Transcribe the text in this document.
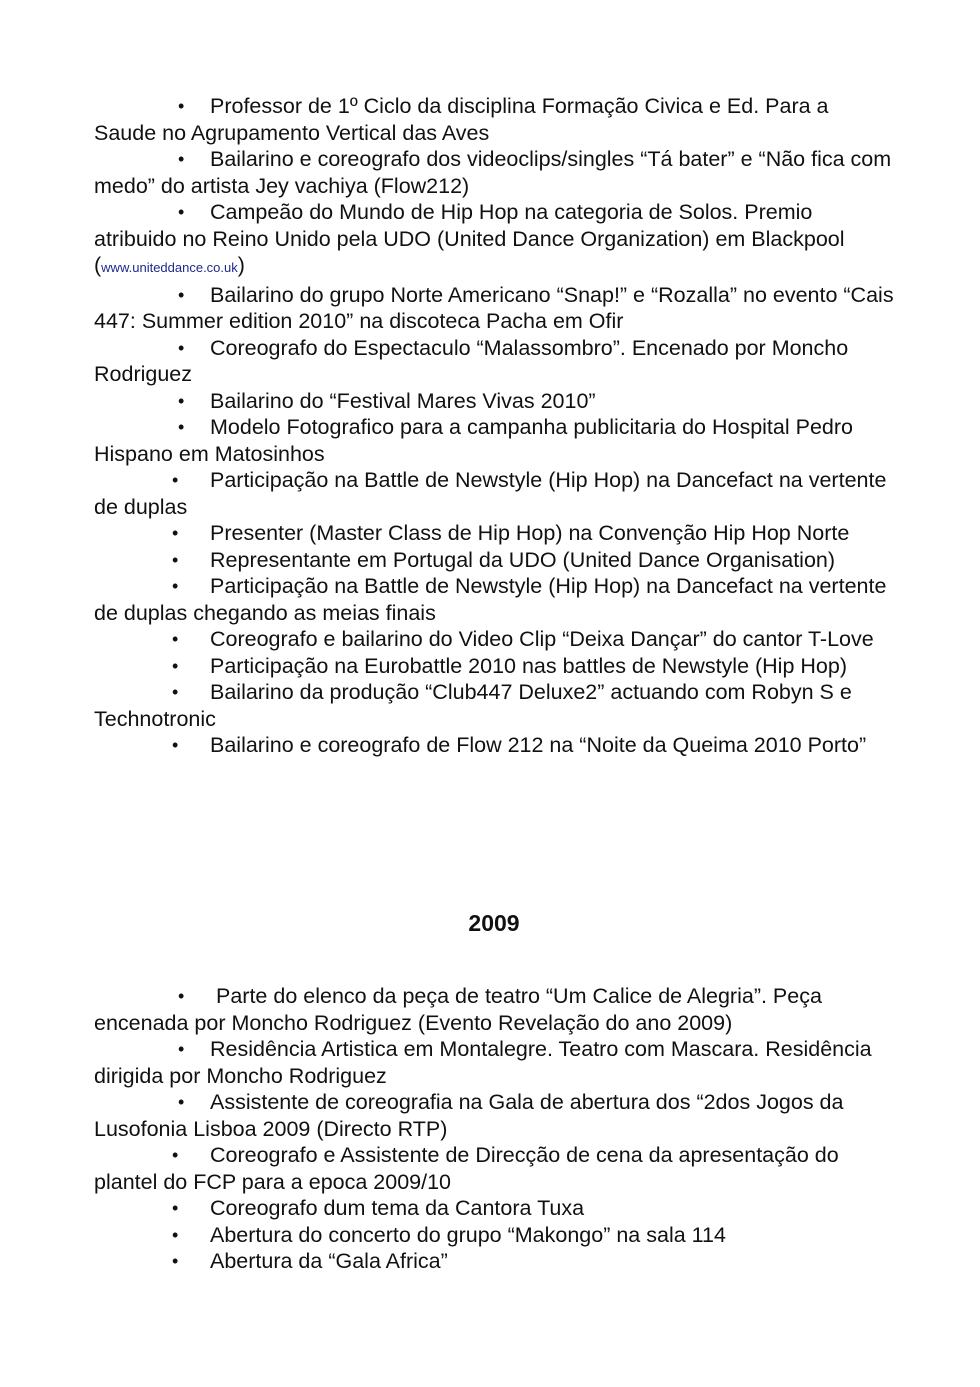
• Professor de 1º Ciclo da disciplina Formação Civica e Ed. Para a Saude no Agrupamento Vertical das Aves
• Bailarino e coreografo dos videoclips/singles “Tá bater” e “Não fica com medo” do artista Jey vachiya (Flow212)
• Campeão do Mundo de Hip Hop na categoria de Solos. Premio atribuido no Reino Unido pela UDO (United Dance Organization) em Blackpool (www.uniteddance.co.uk)
• Bailarino do grupo Norte Americano “Snap!” e “Rozalla” no evento “Cais 447: Summer edition 2010” na discoteca Pacha em Ofir
• Coreografo do Espectaculo “Malassombro”. Encenado por Moncho Rodriguez
• Bailarino do “Festival Mares Vivas 2010”
• Modelo Fotografico para a campanha publicitaria do Hospital Pedro Hispano em Matosinhos
• Participação na Battle de Newstyle (Hip Hop) na Dancefact na vertente de duplas
• Presenter (Master Class de Hip Hop) na Convenção Hip Hop Norte
• Representante em Portugal da UDO (United Dance Organisation)
• Participação na Battle de Newstyle (Hip Hop) na Dancefact na vertente de duplas chegando as meias finais
• Coreografo e bailarino do Video Clip “Deixa Dançar” do cantor T-Love
• Participação na Eurobattle 2010 nas battles de Newstyle (Hip Hop)
• Bailarino da produção “Club447 Deluxe2” actuando com Robyn S e Technotronic
• Bailarino e coreografo de Flow 212 na “Noite da Queima 2010 Porto”
2009
• Parte do elenco da peça de teatro “Um Calice de Alegria”. Peça encenada por Moncho Rodriguez (Evento Revelação do ano 2009)
• Residência Artistica em Montalegre. Teatro com Mascara. Residência dirigida por Moncho Rodriguez
• Assistente de coreografia na Gala de abertura dos “2dos Jogos da Lusofonia Lisboa 2009 (Directo RTP)
• Coreografo e Assistente de Direcção de cena da apresentação do plantel do FCP para a epoca 2009/10
• Coreografo dum tema da Cantora Tuxa
• Abertura do concerto do grupo “Makongo” na sala 114
• Abertura da “Gala Africa”
